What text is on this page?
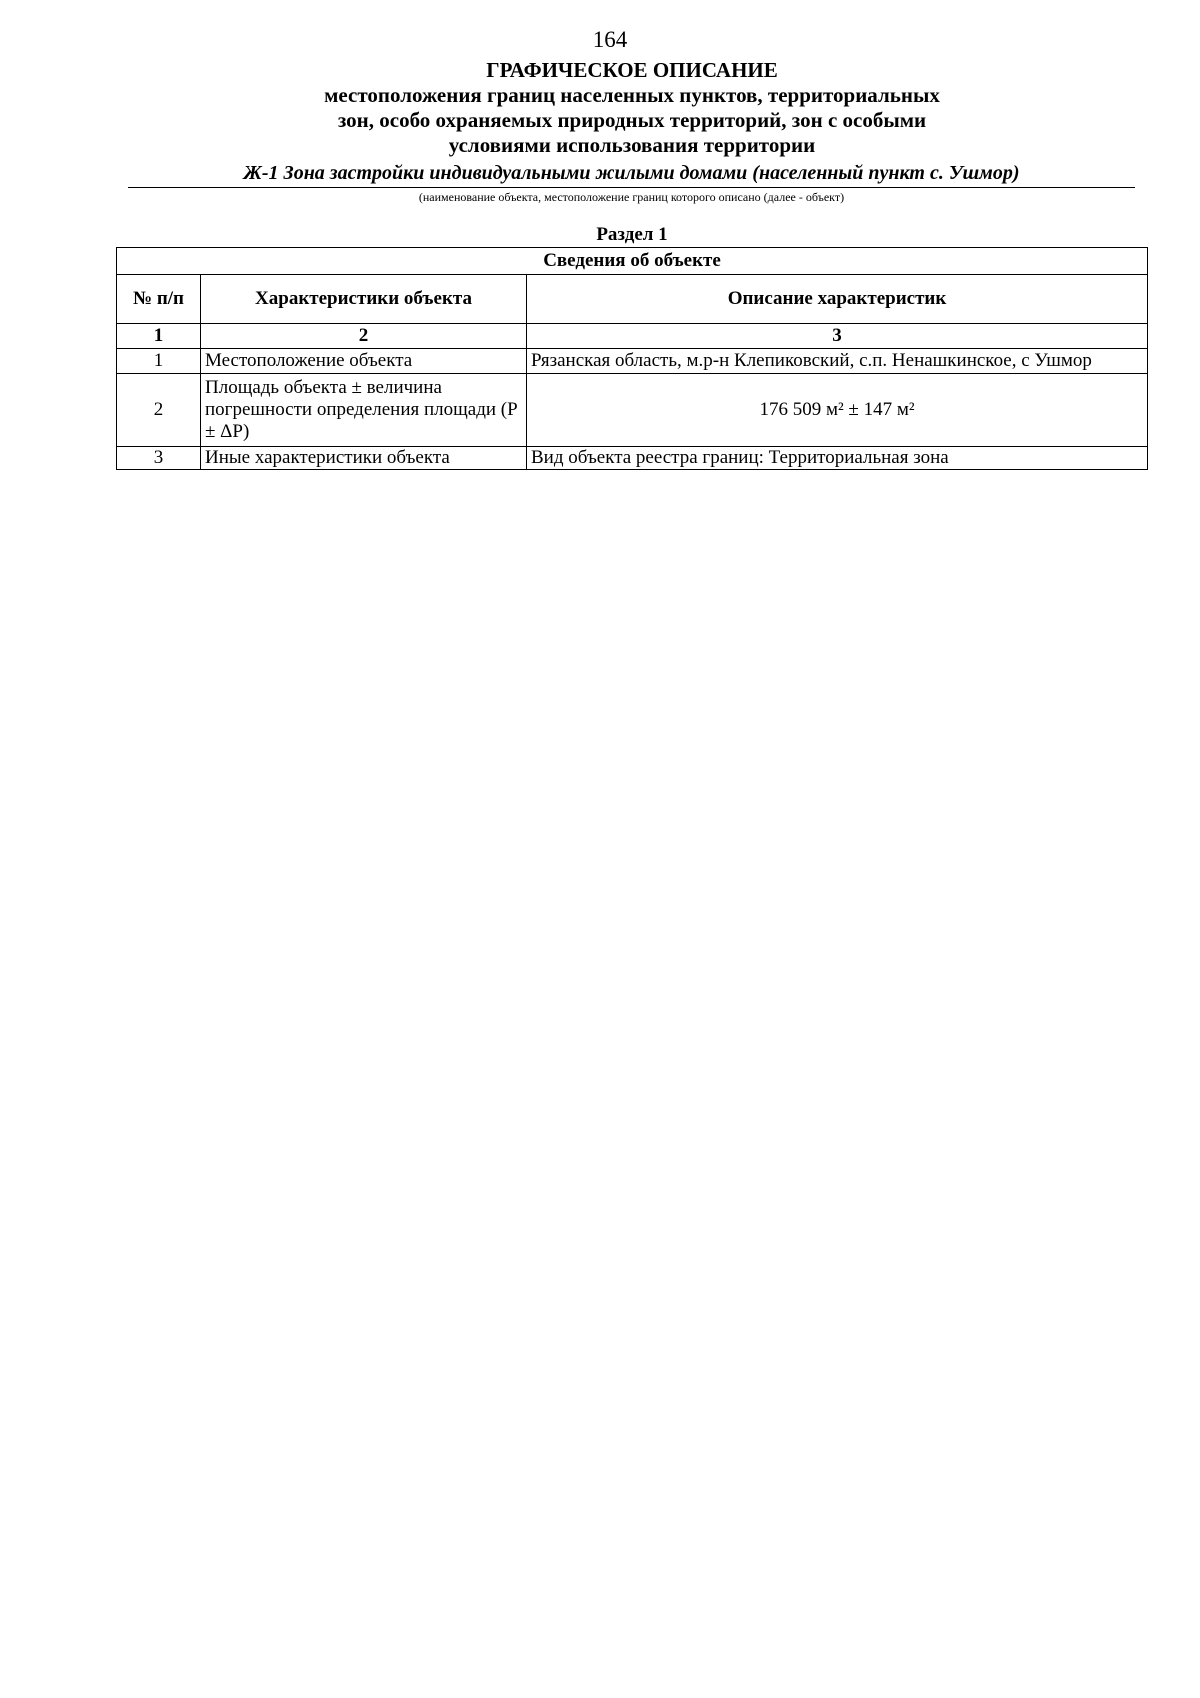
164
ГРАФИЧЕСКОЕ ОПИСАНИЕ
местоположения границ населенных пунктов, территориальных
зон, особо охраняемых природных территорий, зон с особыми
условиями использования территории
Ж-1 Зона застройки индивидуальными жилыми домами (населенный пункт с. Ушмор)
(наименование объекта, местоположение границ которого описано (далее - объект)
Раздел 1
Сведения об объекте		
№ п/п	Характеристики объекта	Описание характеристик
1	2	3
1	Местоположение объекта	Рязанская область, м.р-н Клепиковский, с.п. Ненашкинское, с Ушмор
2	Площадь объекта ± величина погрешности определения площади (P ± ΔP)	176 509 м² ± 147 м²
3	Иные характеристики объекта	Вид объекта реестра границ: Территориальная зона
